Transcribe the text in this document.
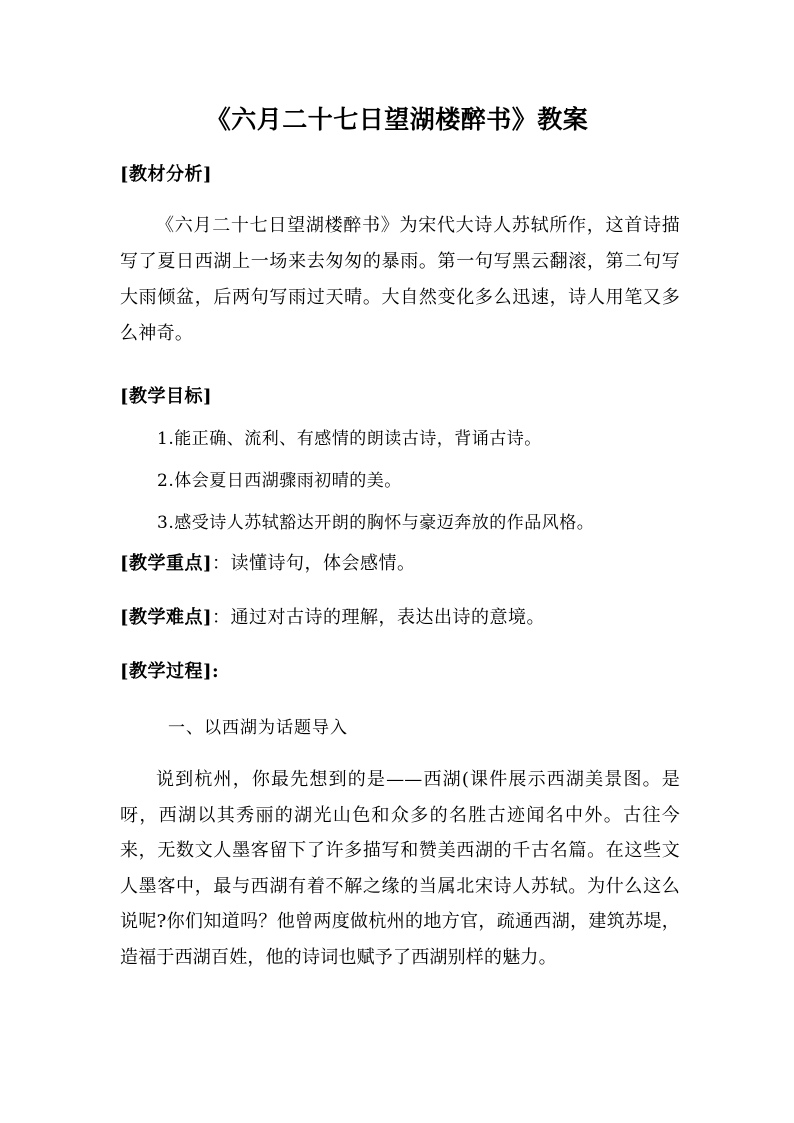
《六月二十七日望湖楼醉书》教案
[教材分析]
《六月二十七日望湖楼醉书》为宋代大诗人苏轼所作，这首诗描写了夏日西湖上一场来去匆匆的暴雨。第一句写黑云翻滚，第二句写大雨倾盆，后两句写雨过天晴。大自然变化多么迅速，诗人用笔又多么神奇。
[教学目标]
1.能正确、流利、有感情的朗读古诗，背诵古诗。
2.体会夏日西湖骤雨初晴的美。
3.感受诗人苏轼豁达开朗的胸怀与豪迈奔放的作品风格。
[教学重点]：读懂诗句，体会感情。
[教学难点]：通过对古诗的理解，表达出诗的意境。
[教学过程]:
一、以西湖为话题导入
说到杭州，你最先想到的是——西湖(课件展示西湖美景图。是呀，西湖以其秀丽的湖光山色和众多的名胜古迹闻名中外。古往今来，无数文人墨客留下了许多描写和赞美西湖的千古名篇。在这些文人墨客中，最与西湖有着不解之缘的当属北宋诗人苏轼。为什么这么说呢?你们知道吗？他曾两度做杭州的地方官，疏通西湖，建筑苏堤，造福于西湖百姓，他的诗词也赋予了西湖别样的魅力。
